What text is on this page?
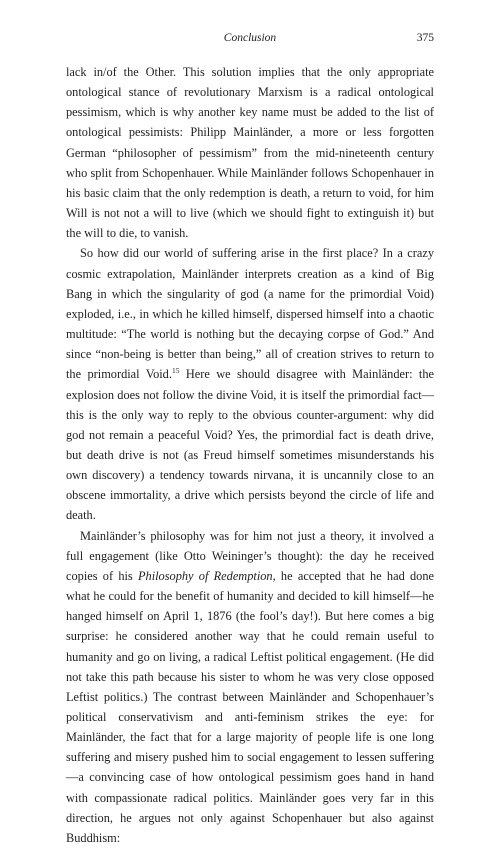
Conclusion	375

lack in/of the Other. This solution implies that the only appropriate ontological stance of revolutionary Marxism is a radical ontological pessimism, which is why another key name must be added to the list of ontological pessimists: Philipp Mainländer, a more or less forgotten German “philosopher of pessimism” from the mid-nineteenth century who split from Schopenhauer. While Mainländer follows Schopenhauer in his basic claim that the only redemption is death, a return to void, for him Will is not not a will to live (which we should fight to extinguish it) but the will to die, to vanish.

So how did our world of suffering arise in the first place? In a crazy cosmic extrapolation, Mainländer interprets creation as a kind of Big Bang in which the singularity of god (a name for the primordial Void) exploded, i.e., in which he killed himself, dispersed himself into a chaotic multitude: “The world is nothing but the decaying corpse of God.” And since “non-being is better than being,” all of creation strives to return to the primordial Void.$^{15}$ Here we should disagree with Mainländer: the explosion does not follow the divine Void, it is itself the primordial fact—this is the only way to reply to the obvious counter-argument: why did god not remain a peaceful Void? Yes, the primordial fact is death drive, but death drive is not (as Freud himself sometimes misunderstands his own discovery) a tendency towards nirvana, it is uncannily close to an obscene immortality, a drive which persists beyond the circle of life and death.

Mainländer’s philosophy was for him not just a theory, it involved a full engagement (like Otto Weininger’s thought): the day he received copies of his Philosophy of Redemption, he accepted that he had done what he could for the benefit of humanity and decided to kill himself—he hanged himself on April 1, 1876 (the fool’s day!). But here comes a big surprise: he considered another way that he could remain useful to humanity and go on living, a radical Leftist political engagement. (He did not take this path because his sister to whom he was very close opposed Leftist politics.) The contrast between Mainländer and Schopenhauer’s political conservativism and anti-feminism strikes the eye: for Mainländer, the fact that for a large majority of people life is one long suffering and misery pushed him to social engagement to lessen suffering—a convincing case of how ontological pessimism goes hand in hand with compassionate radical politics. Mainländer goes very far in this direction, he argues not only against Schopenhauer but also against Buddhism:
